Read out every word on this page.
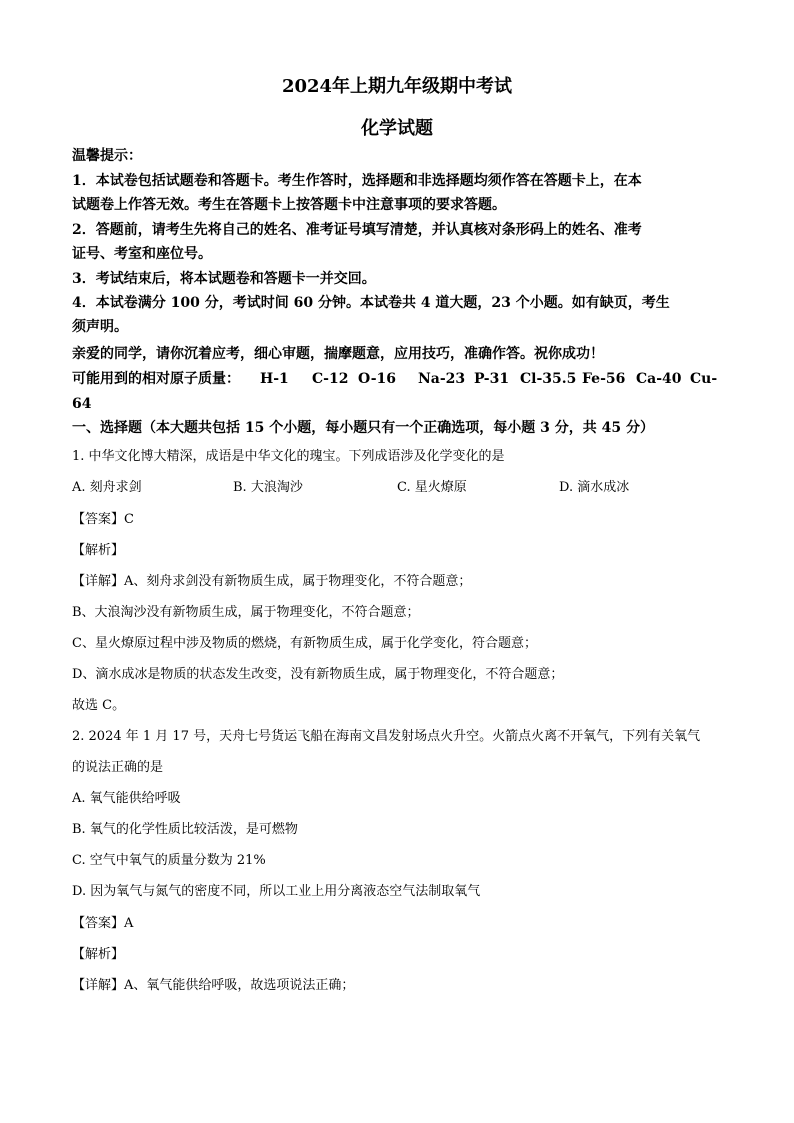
2024年上期九年级期中考试
化学试题
温馨提示：
1．本试卷包括试题卷和答题卡。考生作答时，选择题和非选择题均须作答在答题卡上，在本
试题卷上作答无效。考生在答题卡上按答题卡中注意事项的要求答题。
2．答题前，请考生先将自己的姓名、准考证号填写清楚，并认真核对条形码上的姓名、准考
证号、考室和座位号。
3．考试结束后，将本试题卷和答题卡一并交回。
4．本试卷满分 100 分，考试时间 60 分钟。本试卷共 4 道大题，23 个小题。如有缺页，考生
须声明。
亲爱的同学，请你沉着应考，细心审题，揣摩题意，应用技巧，准确作答。祝你成功！
可能用到的相对原子质量： H-1 C-12 O-16 Na-23 P-31 Cl-35.5 Fe-56 Ca-40 Cu-
64
一、选择题（本大题共包括 15 个小题，每小题只有一个正确选项，每小题 3 分，共 45 分）
1. 中华文化博大精深，成语是中华文化的瑰宝。下列成语涉及化学变化的是
A. 刻舟求剑	B. 大浪淘沙	C. 星火燎原	D. 滴水成冰
【答案】C
【解析】
【详解】A、刻舟求剑没有新物质生成，属于物理变化，不符合题意；
B、大浪淘沙没有新物质生成，属于物理变化，不符合题意；
C、星火燎原过程中涉及物质的燃烧，有新物质生成，属于化学变化，符合题意；
D、滴水成冰是物质的状态发生改变，没有新物质生成，属于物理变化，不符合题意；
故选 C。
2. 2024 年 1 月 17 号，天舟七号货运飞船在海南文昌发射场点火升空。火箭点火离不开氧气，下列有关氧气
的说法正确的是
A. 氧气能供给呼吸
B. 氧气的化学性质比较活泼，是可燃物
C. 空气中氧气的质量分数为 21%
D. 因为氧气与氮气的密度不同，所以工业上用分离液态空气法制取氧气
【答案】A
【解析】
【详解】A、氧气能供给呼吸，故选项说法正确；
